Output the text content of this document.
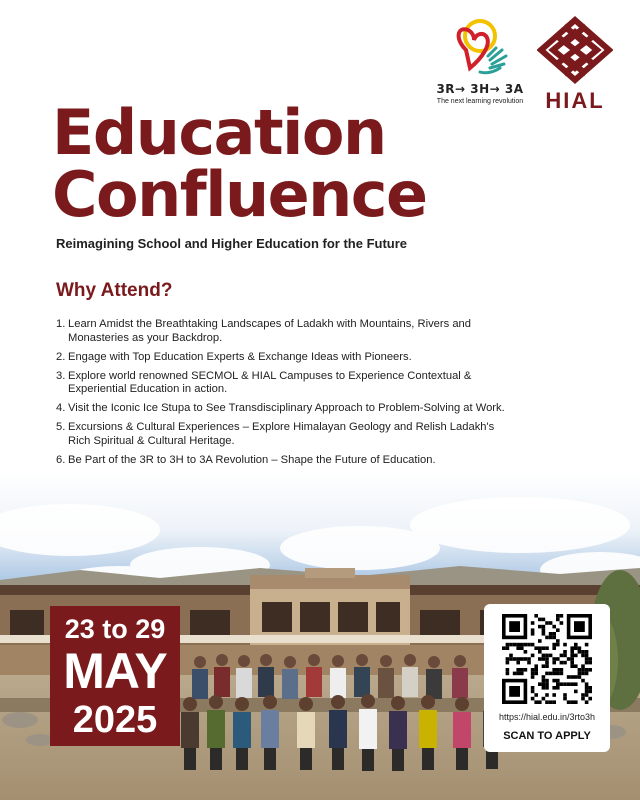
3R→ 3H→ 3A
The next learning revolution	HIAL
Education
Confluence
Reimagining School and Higher Education for the Future
Why Attend?
1. Learn Amidst the Breathtaking Landscapes of Ladakh with Mountains, Rivers and Monasteries as your Backdrop.
2. Engage with Top Education Experts & Exchange Ideas with Pioneers.
3. Explore world renowned SECMOL & HIAL Campuses to Experience Contextual & Experiential Education in action.
4. Visit the Iconic Ice Stupa to See Transdisciplinary Approach to Problem-Solving at Work.
5. Excursions & Cultural Experiences – Explore Himalayan Geology and Relish Ladakh's Rich Spiritual & Cultural Heritage.
6. Be Part of the 3R to 3H to 3A Revolution – Shape the Future of Education.
23 to 29
MAY
2025	https://hial.edu.in/3rto3h
SCAN TO APPLY
